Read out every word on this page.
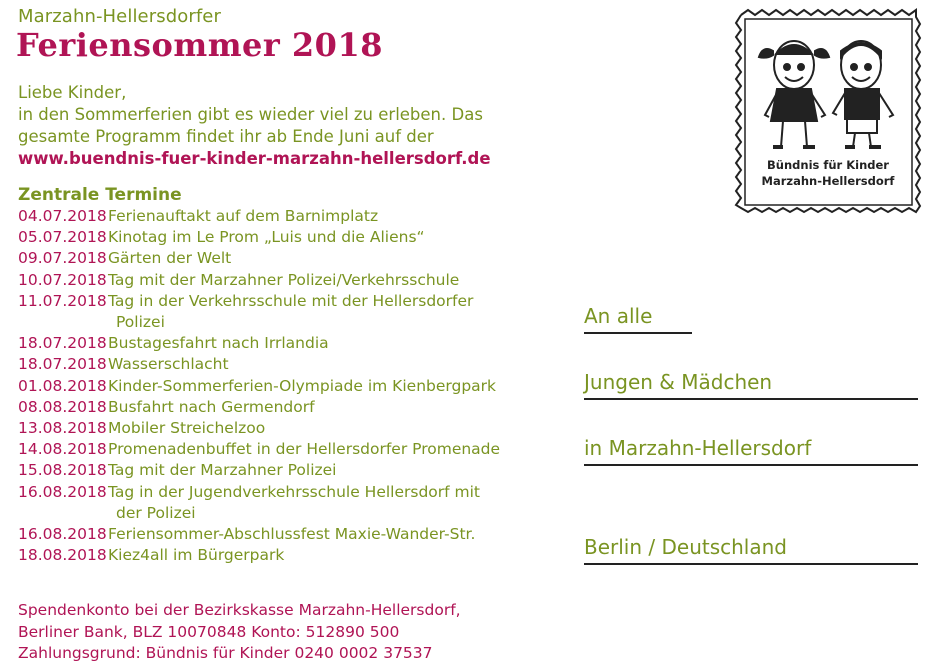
Marzahn-Hellersdorfer
Feriensommer 2018
Liebe Kinder,
in den Sommerferien gibt es wieder viel zu erleben. Das
gesamte Programm findet ihr ab Ende Juni auf der
www.buendnis-fuer-kinder-marzahn-hellersdorf.de
Zentrale Termine
04.07.2018 Ferienauftakt auf dem Barnimplatz
05.07.2018 Kinotag im Le Prom „Luis und die Aliens“
09.07.2018 Gärten der Welt
10.07.2018 Tag mit der Marzahner Polizei/Verkehrsschule
11.07.2018 Tag in der Verkehrsschule mit der Hellersdorfer
Polizei
18.07.2018 Bustagesfahrt nach Irrlandia
18.07.2018 Wasserschlacht
01.08.2018 Kinder-Sommerferien-Olympiade im Kienbergpark
08.08.2018 Busfahrt nach Germendorf
13.08.2018 Mobiler Streichelzoo
14.08.2018 Promenadenbuffet in der Hellersdorfer Promenade
15.08.2018 Tag mit der Marzahner Polizei
16.08.2018 Tag in der Jugendverkehrsschule Hellersdorf mit
der Polizei
16.08.2018 Feriensommer-Abschlussfest Maxie-Wander-Str.
18.08.2018 Kiez4all im Bürgerpark
Spendenkonto bei der Bezirkskasse Marzahn-Hellersdorf,
Berliner Bank, BLZ 10070848 Konto: 512890 500
Zahlungsgrund: Bündnis für Kinder 0240 0002 37537
An alle
Jungen & Mädchen
in Marzahn-Hellersdorf
Berlin / Deutschland
Bündnis für Kinder
Marzahn-Hellersdorf
